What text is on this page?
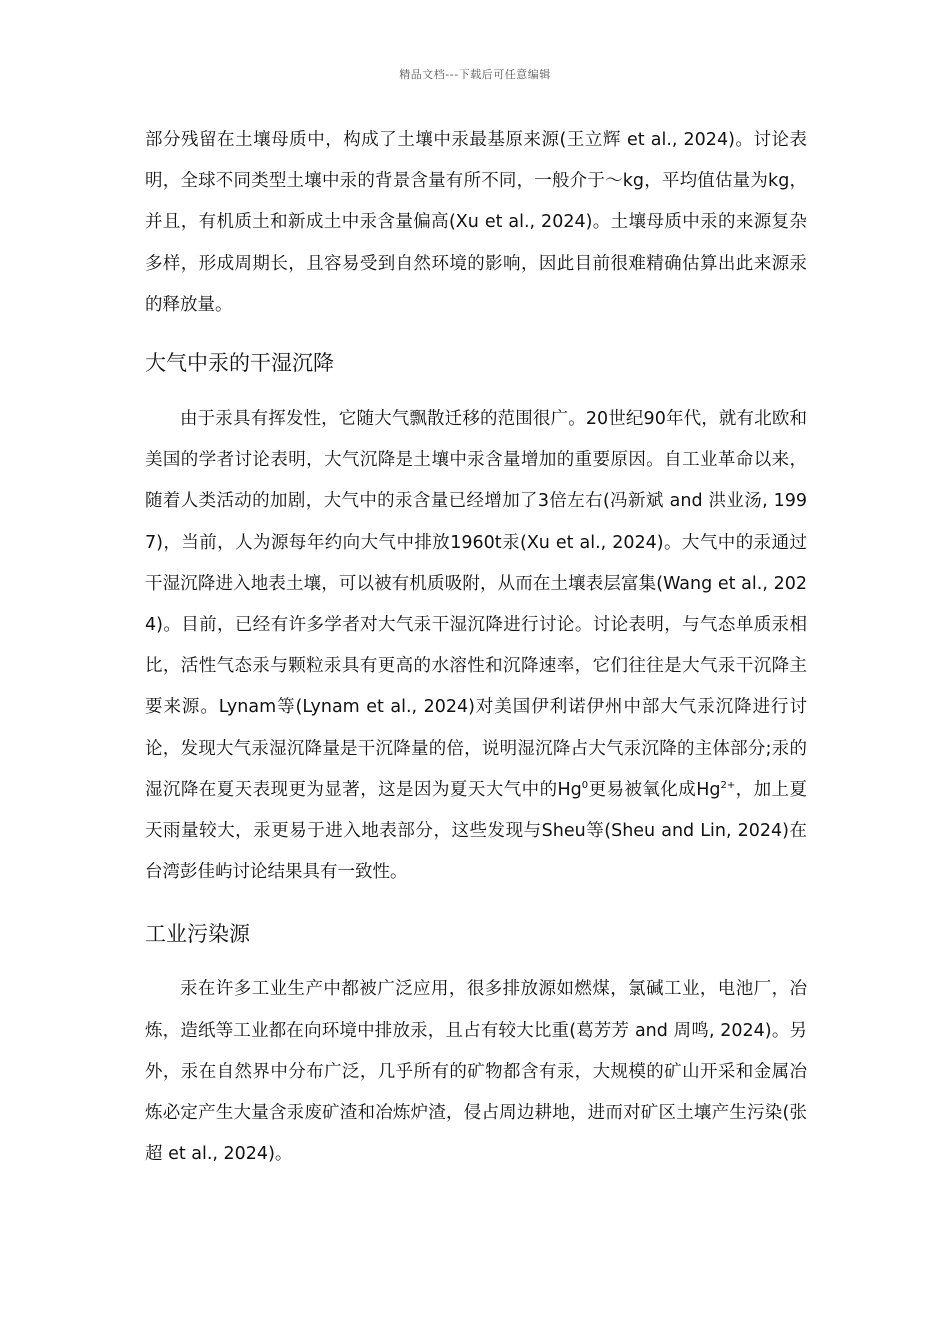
精品文档---下载后可任意编辑

部分残留在土壤母质中，构成了土壤中汞最基原来源(王立辉 et al., 2024)。讨论表明，全球不同类型土壤中汞的背景含量有所不同，一般介于～kg，平均值估量为kg，并且，有机质土和新成土中汞含量偏高(Xu et al., 2024)。土壤母质中汞的来源复杂多样，形成周期长，且容易受到自然环境的影响，因此目前很难精确估算出此来源汞的释放量。

大气中汞的干湿沉降

由于汞具有挥发性，它随大气飘散迁移的范围很广。20世纪90年代，就有北欧和美国的学者讨论表明，大气沉降是土壤中汞含量增加的重要原因。自工业革命以来，随着人类活动的加剧，大气中的汞含量已经增加了3倍左右(冯新斌 and 洪业汤, 1997)，当前，人为源每年约向大气中排放1960t汞(Xu et al., 2024)。大气中的汞通过干湿沉降进入地表土壤，可以被有机质吸附，从而在土壤表层富集(Wang et al., 2024)。目前，已经有许多学者对大气汞干湿沉降进行讨论。讨论表明，与气态单质汞相比，活性气态汞与颗粒汞具有更高的水溶性和沉降速率，它们往往是大气汞干沉降主要来源。Lynam等(Lynam et al., 2024)对美国伊利诺伊州中部大气汞沉降进行讨论，发现大气汞湿沉降量是干沉降量的倍，说明湿沉降占大气汞沉降的主体部分;汞的湿沉降在夏天表现更为显著，这是因为夏天大气中的Hg$^0$更易被氧化成$Hg^{2+}$，加上夏天雨量较大，汞更易于进入地表部分，这些发现与Sheu等(Sheu and Lin, 2024)在台湾彭佳屿讨论结果具有一致性。

工业污染源

汞在许多工业生产中都被广泛应用，很多排放源如燃煤，氯碱工业，电池厂，冶炼，造纸等工业都在向环境中排放汞，且占有较大比重(葛芳芳 and 周鸣, 2024)。另外，汞在自然界中分布广泛，几乎所有的矿物都含有汞，大规模的矿山开采和金属冶炼必定产生大量含汞废矿渣和冶炼炉渣，侵占周边耕地，进而对矿区土壤产生污染(张超 et al., 2024)。
